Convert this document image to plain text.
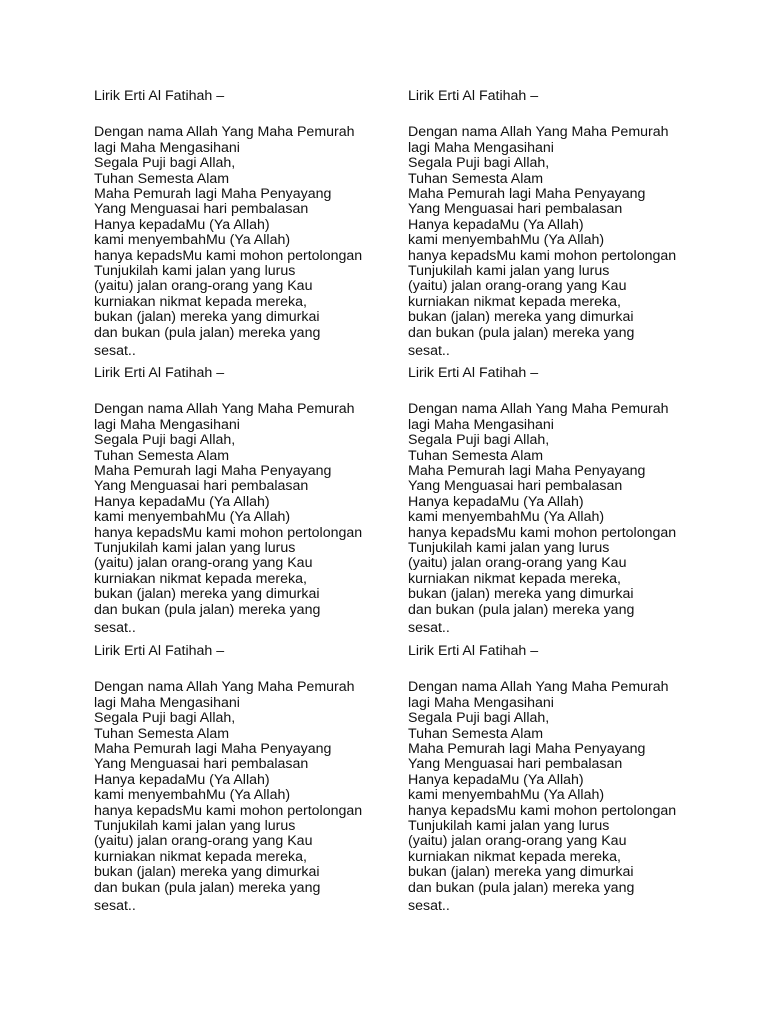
Lirik Erti Al Fatihah –
Dengan nama Allah Yang Maha Pemurah
lagi Maha Mengasihani
Segala Puji bagi Allah,
Tuhan Semesta Alam
Maha Pemurah lagi Maha Penyayang
Yang Menguasai hari pembalasan
Hanya kepadaMu (Ya Allah)
kami menyembahMu (Ya Allah)
hanya kepadsMu kami mohon pertolongan
Tunjukilah kami jalan yang lurus
(yaitu) jalan orang-orang yang Kau
kurniakan nikmat kepada mereka,
bukan (jalan) mereka yang dimurkai
dan bukan (pula jalan) mereka yang
sesat..
Lirik Erti Al Fatihah –
Dengan nama Allah Yang Maha Pemurah
lagi Maha Mengasihani
Segala Puji bagi Allah,
Tuhan Semesta Alam
Maha Pemurah lagi Maha Penyayang
Yang Menguasai hari pembalasan
Hanya kepadaMu (Ya Allah)
kami menyembahMu (Ya Allah)
hanya kepadsMu kami mohon pertolongan
Tunjukilah kami jalan yang lurus
(yaitu) jalan orang-orang yang Kau
kurniakan nikmat kepada mereka,
bukan (jalan) mereka yang dimurkai
dan bukan (pula jalan) mereka yang
sesat..
Lirik Erti Al Fatihah –
Dengan nama Allah Yang Maha Pemurah
lagi Maha Mengasihani
Segala Puji bagi Allah,
Tuhan Semesta Alam
Maha Pemurah lagi Maha Penyayang
Yang Menguasai hari pembalasan
Hanya kepadaMu (Ya Allah)
kami menyembahMu (Ya Allah)
hanya kepadsMu kami mohon pertolongan
Tunjukilah kami jalan yang lurus
(yaitu) jalan orang-orang yang Kau
kurniakan nikmat kepada mereka,
bukan (jalan) mereka yang dimurkai
dan bukan (pula jalan) mereka yang
sesat..
Lirik Erti Al Fatihah –
Dengan nama Allah Yang Maha Pemurah
lagi Maha Mengasihani
Segala Puji bagi Allah,
Tuhan Semesta Alam
Maha Pemurah lagi Maha Penyayang
Yang Menguasai hari pembalasan
Hanya kepadaMu (Ya Allah)
kami menyembahMu (Ya Allah)
hanya kepadsMu kami mohon pertolongan
Tunjukilah kami jalan yang lurus
(yaitu) jalan orang-orang yang Kau
kurniakan nikmat kepada mereka,
bukan (jalan) mereka yang dimurkai
dan bukan (pula jalan) mereka yang
sesat..
Lirik Erti Al Fatihah –
Dengan nama Allah Yang Maha Pemurah
lagi Maha Mengasihani
Segala Puji bagi Allah,
Tuhan Semesta Alam
Maha Pemurah lagi Maha Penyayang
Yang Menguasai hari pembalasan
Hanya kepadaMu (Ya Allah)
kami menyembahMu (Ya Allah)
hanya kepadsMu kami mohon pertolongan
Tunjukilah kami jalan yang lurus
(yaitu) jalan orang-orang yang Kau
kurniakan nikmat kepada mereka,
bukan (jalan) mereka yang dimurkai
dan bukan (pula jalan) mereka yang
sesat..
Lirik Erti Al Fatihah –
Dengan nama Allah Yang Maha Pemurah
lagi Maha Mengasihani
Segala Puji bagi Allah,
Tuhan Semesta Alam
Maha Pemurah lagi Maha Penyayang
Yang Menguasai hari pembalasan
Hanya kepadaMu (Ya Allah)
kami menyembahMu (Ya Allah)
hanya kepadsMu kami mohon pertolongan
Tunjukilah kami jalan yang lurus
(yaitu) jalan orang-orang yang Kau
kurniakan nikmat kepada mereka,
bukan (jalan) mereka yang dimurkai
dan bukan (pula jalan) mereka yang
sesat..
